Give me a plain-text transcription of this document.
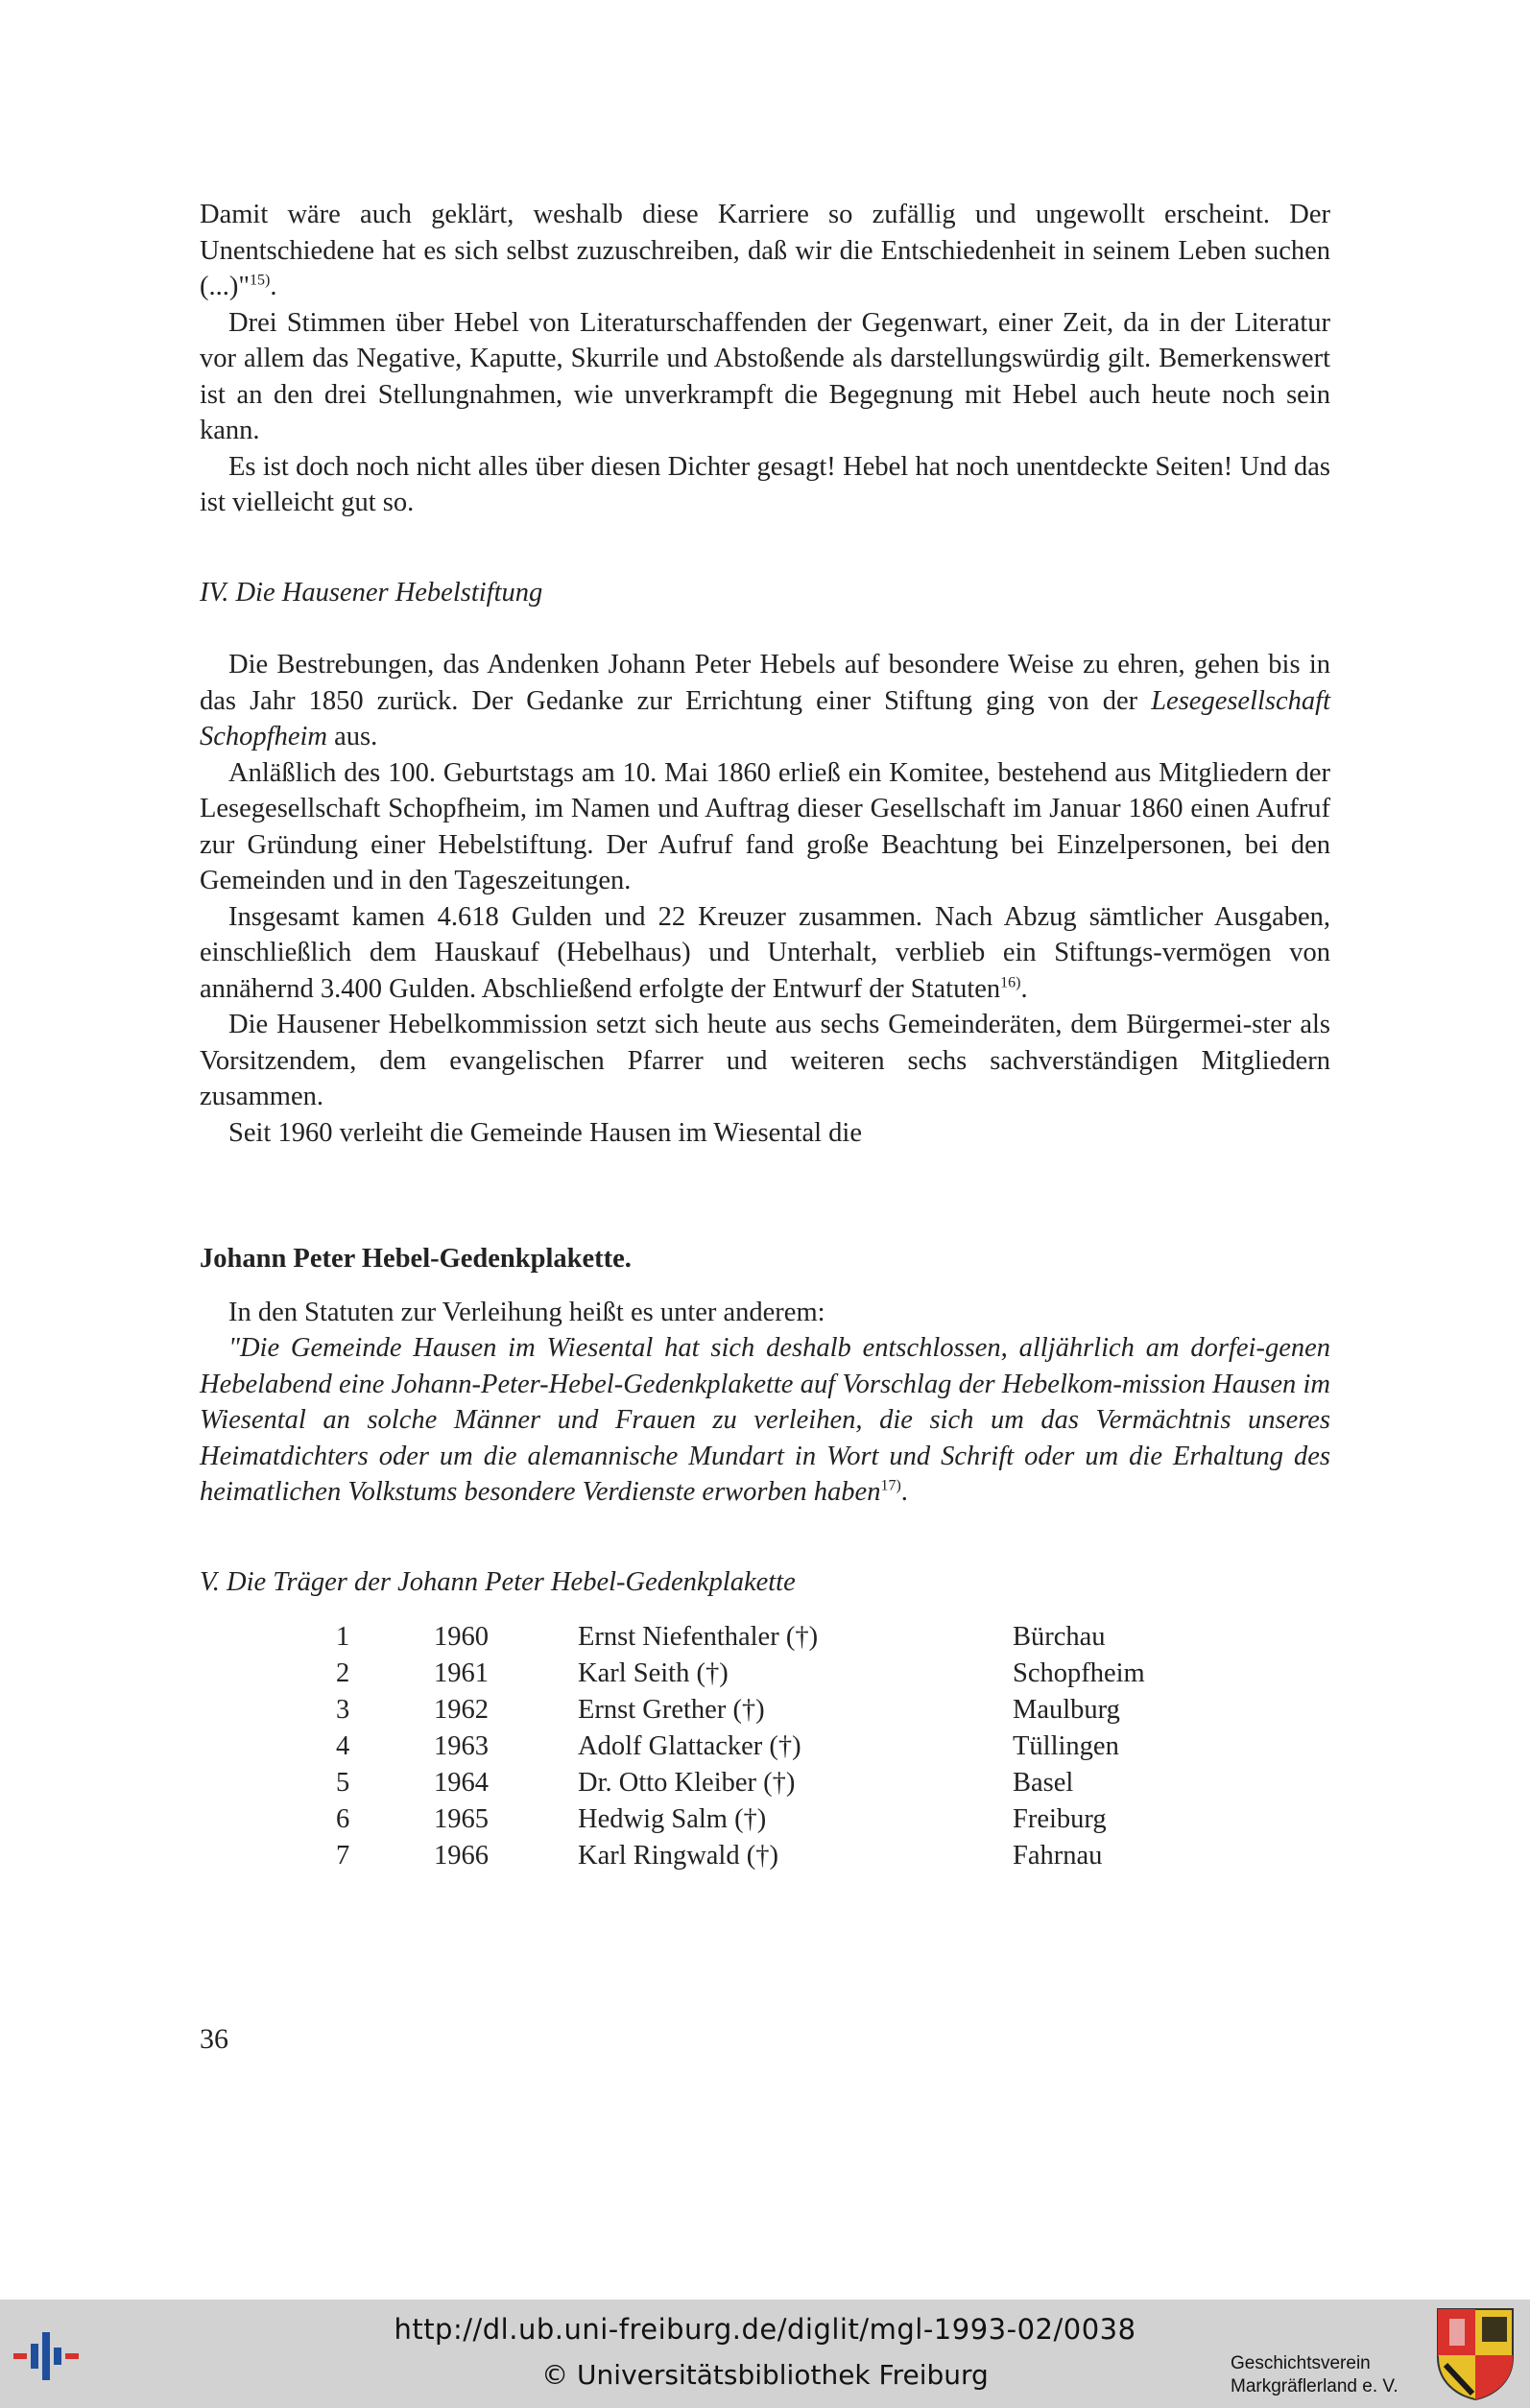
Damit wäre auch geklärt, weshalb diese Karriere so zufällig und ungewollt erscheint. Der Unentschiedene hat es sich selbst zuzuschreiben, daß wir die Entschiedenheit in seinem Leben suchen (...)"$^{15)}$.

Drei Stimmen über Hebel von Literaturschaffenden der Gegenwart, einer Zeit, da in der Literatur vor allem das Negative, Kaputte, Skurrile und Abstoßende als darstellungswürdig gilt. Bemerkenswert ist an den drei Stellungnahmen, wie unverkrampft die Begegnung mit Hebel auch heute noch sein kann.

Es ist doch noch nicht alles über diesen Dichter gesagt! Hebel hat noch unentdeckte Seiten! Und das ist vielleicht gut so.

IV. Die Hausener Hebelstiftung

Die Bestrebungen, das Andenken Johann Peter Hebels auf besondere Weise zu ehren, gehen bis in das Jahr 1850 zurück. Der Gedanke zur Errichtung einer Stiftung ging von der Lesegesellschaft Schopfheim aus.

Anläßlich des 100. Geburtstags am 10. Mai 1860 erließ ein Komitee, bestehend aus Mitgliedern der Lesegesellschaft Schopfheim, im Namen und Auftrag dieser Gesellschaft im Januar 1860 einen Aufruf zur Gründung einer Hebelstiftung. Der Aufruf fand große Beachtung bei Einzelpersonen, bei den Gemeinden und in den Tageszeitungen.

Insgesamt kamen 4.618 Gulden und 22 Kreuzer zusammen. Nach Abzug sämtlicher Ausgaben, einschließlich dem Hauskauf (Hebelhaus) und Unterhalt, verblieb ein Stiftungs-vermögen von annähernd 3.400 Gulden. Abschließend erfolgte der Entwurf der Statuten$^{16)}$.

Die Hausener Hebelkommission setzt sich heute aus sechs Gemeinderäten, dem Bürgermei-ster als Vorsitzendem, dem evangelischen Pfarrer und weiteren sechs sachverständigen Mitgliedern zusammen.

Seit 1960 verleiht die Gemeinde Hausen im Wiesental die

Johann Peter Hebel-Gedenkplakette.

In den Statuten zur Verleihung heißt es unter anderem:

"Die Gemeinde Hausen im Wiesental hat sich deshalb entschlossen, alljährlich am dorfei-genen Hebelabend eine Johann-Peter-Hebel-Gedenkplakette auf Vorschlag der Hebelkom-mission Hausen im Wiesental an solche Männer und Frauen zu verleihen, die sich um das Vermächtnis unseres Heimatdichters oder um die alemannische Mundart in Wort und Schrift oder um die Erhaltung des heimatlichen Volkstums besondere Verdienste erworben haben$^{17)}$.

V. Die Träger der Johann Peter Hebel-Gedenkplakette

1	1960	Ernst Niefenthaler (†)	Bürchau
2	1961	Karl Seith (†)	Schopfheim
3	1962	Ernst Grether (†)	Maulburg
4	1963	Adolf Glattacker (†)	Tüllingen
5	1964	Dr. Otto Kleiber (†)	Basel
6	1965	Hedwig Salm (†)	Freiburg
7	1966	Karl Ringwald (†)	Fahrnau
36
http://dl.ub.uni-freiburg.de/diglit/mgl-1993-02/0038
© Universitätsbibliothek Freiburg	Geschichtsverein
Markgräflerland e. V.
